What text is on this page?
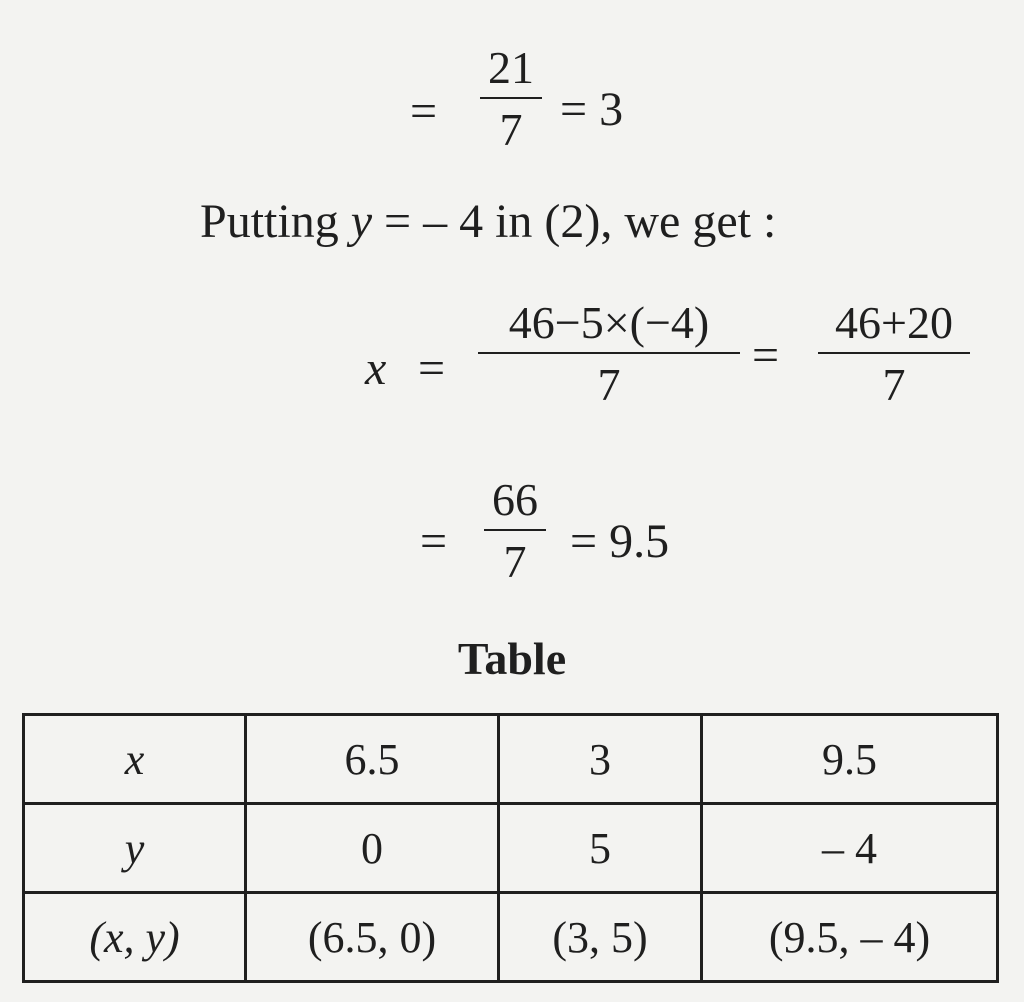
=
21
7 = 3
Putting y = – 4 in (2), we get :
x =
46−5×(−4)
7
=
46+20
7
=
66
7 = 9.5
Table
x	6.5	3	9.5
y	0	5	– 4
(x, y)	(6.5, 0)	(3, 5)	(9.5, – 4)
